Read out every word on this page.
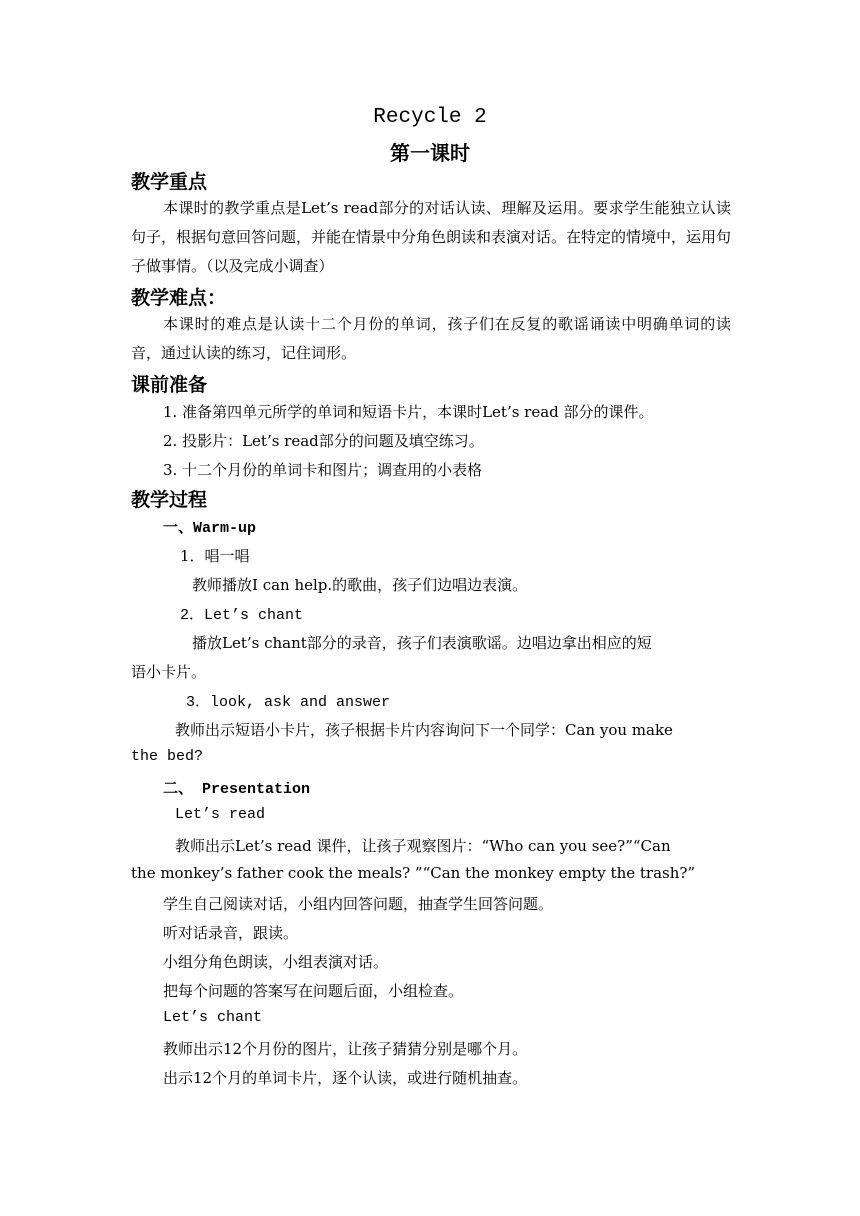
Recycle 2
第一课时
教学重点
本课时的教学重点是Let’s read部分的对话认读、理解及运用。要求学生能独立认读句子，根据句意回答问题，并能在情景中分角色朗读和表演对话。在特定的情境中，运用句子做事情。（以及完成小调查）
教学难点：
本课时的难点是认读十二个月份的单词，孩子们在反复的歌谣诵读中明确单词的读音，通过认读的练习，记住词形。
课前准备
1. 准备第四单元所学的单词和短语卡片，本课时Let’s read 部分的课件。
2. 投影片：Let’s read部分的问题及填空练习。
3. 十二个月份的单词卡和图片；调查用的小表格
教学过程
一、Warm-up
1．唱一唱
教师播放I can help.的歌曲，孩子们边唱边表演。
2．Let’s chant
播放Let’s chant部分的录音，孩子们表演歌谣。边唱边拿出相应的短
语小卡片。
3．look, ask and answer
教师出示短语小卡片，孩子根据卡片内容询问下一个同学：Can you make
the bed?
二、 Presentation
Let’s read
教师出示Let’s read 课件，让孩子观察图片：“Who can you see?”“Can
the monkey’s father cook the meals? ”“Can the monkey empty the trash?”
学生自己阅读对话，小组内回答问题，抽查学生回答问题。
听对话录音，跟读。
小组分角色朗读，小组表演对话。
把每个问题的答案写在问题后面，小组检查。
Let’s chant
教师出示12个月份的图片，让孩子猜猜分别是哪个月。
出示12个月的单词卡片，逐个认读，或进行随机抽查。
